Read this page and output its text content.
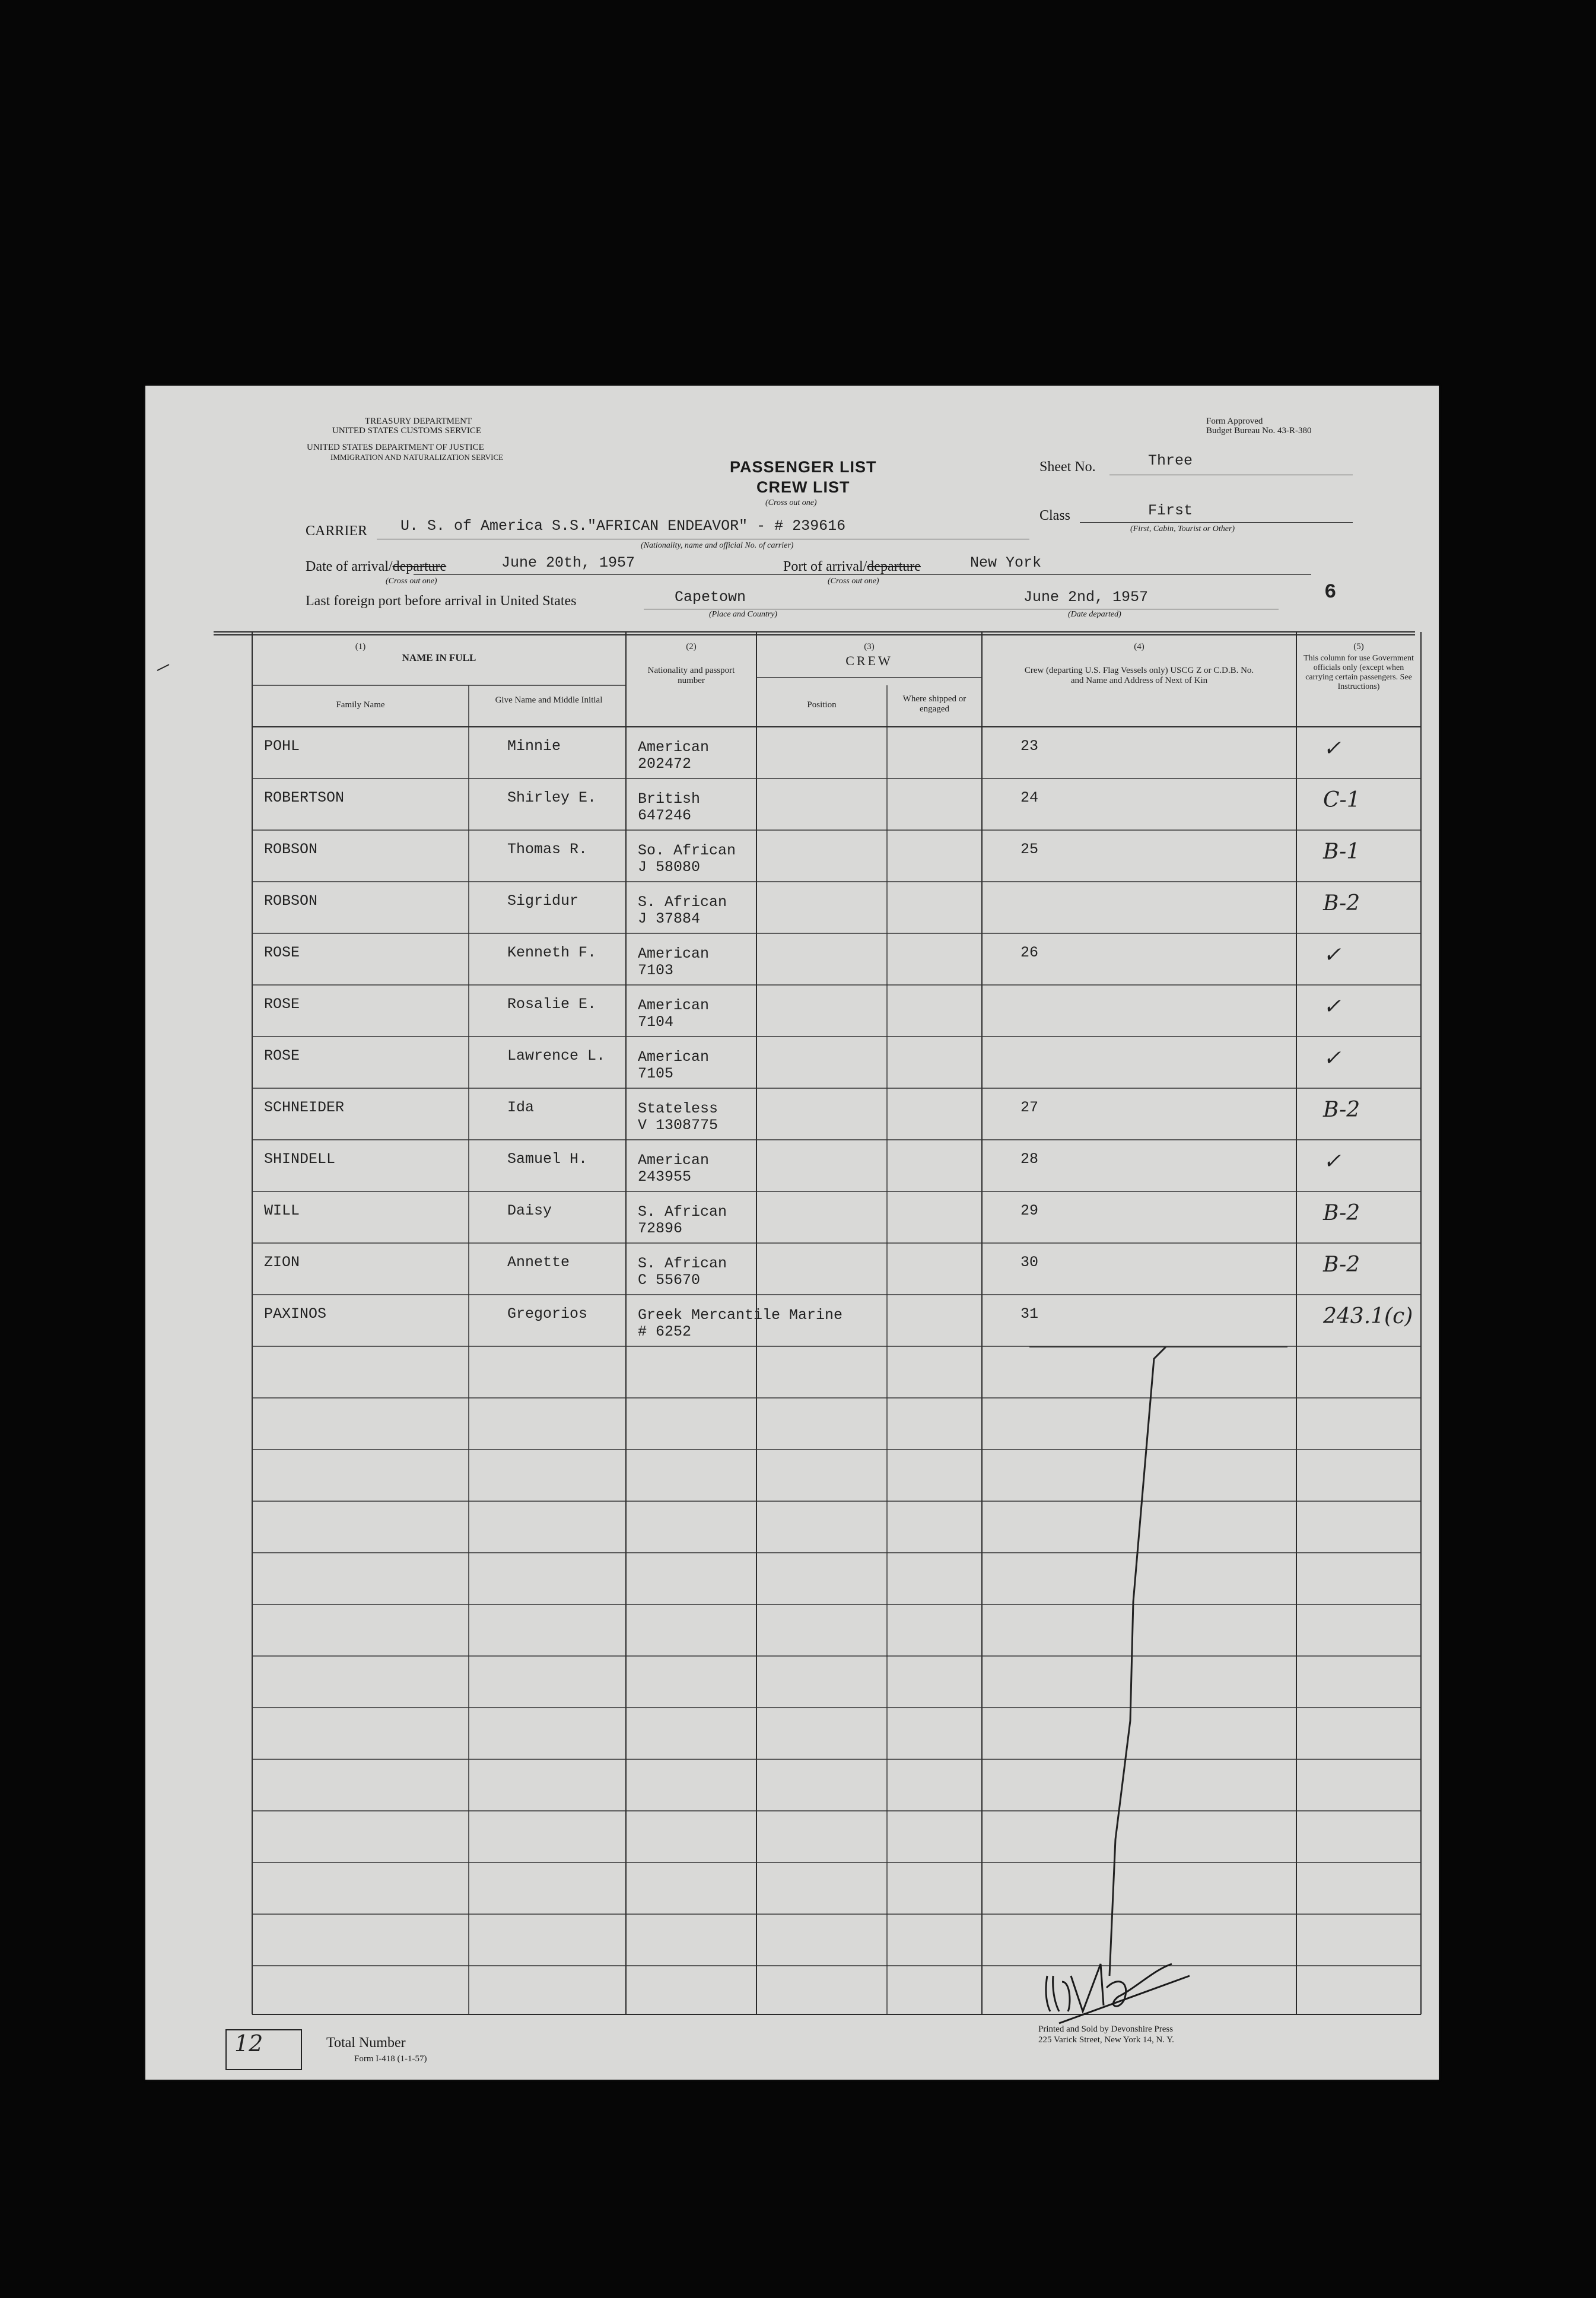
TREASURY DEPARTMENT
UNITED STATES CUSTOMS SERVICE
UNITED STATES DEPARTMENT OF JUSTICE
IMMIGRATION AND NATURALIZATION SERVICE
Form Approved
Budget Bureau No. 43-R-380
PASSENGER LIST
CREW LIST
(Cross out one)
Sheet No.	Three
Class	First
(First, Cabin, Tourist or Other)
CARRIER U. S. of America S.S."AFRICAN ENDEAVOR" - # 239616
(Nationality, name and official No. of carrier)
Date of arrival/departure	June 20th, 1957
(Cross out one)
Port of arrival/departure	New York
(Cross out one)
Last foreign port before arrival in United States	Capetown
(Place and Country)
June 2nd, 1957
(Date departed)
6
(1)
NAME IN FULL
Family Name	Give Name and Middle Initial
(2)
Nationality and passport number
(3)
CREW
Position
Where shipped or engaged
(4)
Crew (departing U.S. Flag Vessels only) USCG Z or C.D.B. No. and Name and Address of Next of Kin
(5)
This column for use Government officials only (except when carrying certain passengers. See Instructions)
POHL	Minnie	American
202472
23	✓
ROBERTSON	Shirley E.	British
647246
24	C-1
ROBSON	Thomas R.	So. African
J 58080
25	B-1
ROBSON	Sigridur	S. African
J 37884
B-2
ROSE	Kenneth F.	American
7103
26	✓
ROSE	Rosalie E.	American
7104
✓
ROSE	Lawrence L. American
7105
✓
SCHNEIDER	Ida	Stateless
V 1308775
27	B-2
SHINDELL	Samuel H.	American
243955
28	✓
WILL	Daisy	S. African
72896
29	B-2
ZION	Annette	S. African
C 55670
30	B-2
PAXINOS	Gregorios	Greek Mercantile Marine
# 6252
31	243.1(c)
12	Total Number
Form I-418 (1-1-57)
Printed and Sold by Devonshire Press
225 Varick Street, New York 14, N. Y.
